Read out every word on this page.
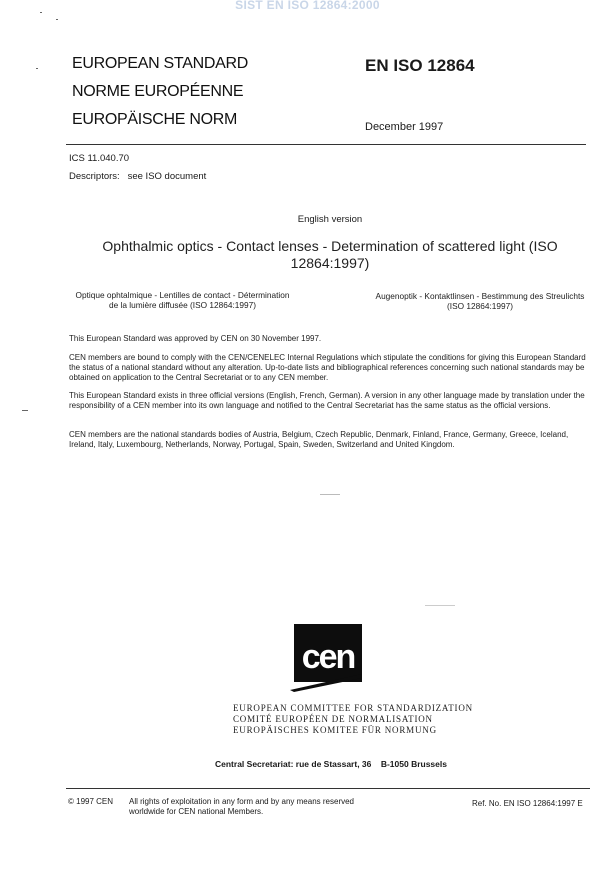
SIST EN ISO 12864:2000
EUROPEAN STANDARD
NORME EUROPÉENNE
EUROPÄISCHE NORM
EN ISO 12864
December 1997
ICS 11.040.70
Descriptors:   see ISO document
English version
Ophthalmic optics - Contact lenses - Determination of scattered light (ISO 12864:1997)
Optique ophtalmique - Lentilles de contact - Détermination de la lumière diffusée (ISO 12864:1997)
Augenoptik - Kontaktlinsen - Bestimmung des Streulichts (ISO 12864:1997)
This European Standard was approved by CEN on 30 November 1997.
CEN members are bound to comply with the CEN/CENELEC Internal Regulations which stipulate the conditions for giving this European Standard the status of a national standard without any alteration. Up-to-date lists and bibliographical references concerning such national standards may be obtained on application to the Central Secretariat or to any CEN member.
This European Standard exists in three official versions (English, French, German). A version in any other language made by translation under the responsibility of a CEN member into its own language and notified to the Central Secretariat has the same status as the official versions.
CEN members are the national standards bodies of Austria, Belgium, Czech Republic, Denmark, Finland, France, Germany, Greece, Iceland, Ireland, Italy, Luxembourg, Netherlands, Norway, Portugal, Spain, Sweden, Switzerland and United Kingdom.
cen
EUROPEAN COMMITTEE FOR STANDARDIZATION
COMITÉ EUROPÉEN DE NORMALISATION
EUROPÄISCHES KOMITEE FÜR NORMUNG
Central Secretariat: rue de Stassart, 36    B-1050 Brussels
© 1997 CEN All rights of exploitation in any form and by any means reserved worldwide for CEN national Members.
Ref. No. EN ISO 12864:1997 E
